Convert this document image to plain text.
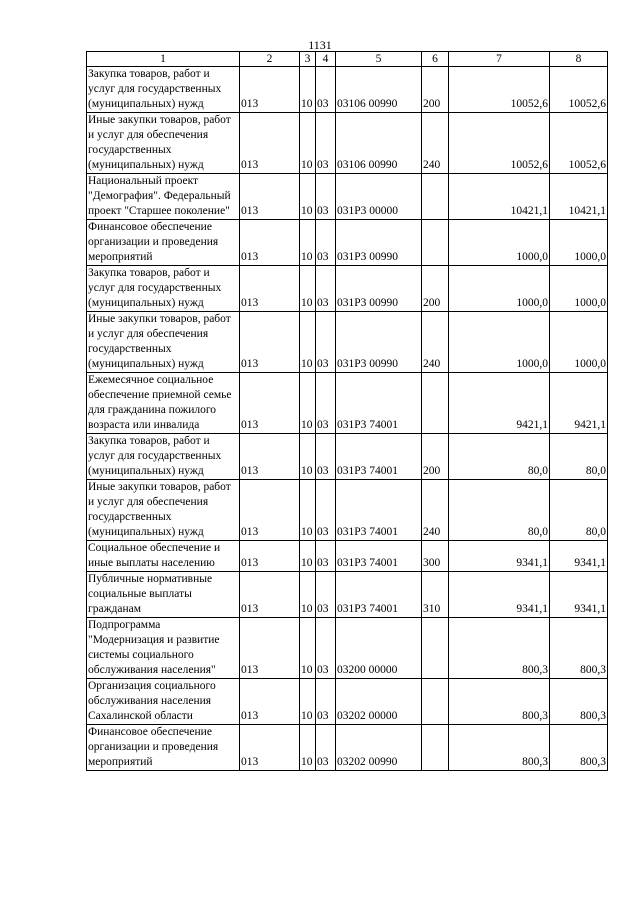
1131
1	2	3	4	5	6	7	8
Закупка товаров, работ и услуг для государственных (муниципальных) нужд	013	10	03	03106 00990	200	10052,6	10052,6
Иные закупки товаров, работ и услуг для обеспечения государственных (муниципальных) нужд	013	10	03	03106 00990	240	10052,6	10052,6
Национальный проект "Демография". Федеральный проект "Старшее поколение"	013	10	03	031P3 00000		10421,1	10421,1
Финансовое обеспечение организации и проведения мероприятий	013	10	03	031P3 00990		1000,0	1000,0
Закупка товаров, работ и услуг для государственных (муниципальных) нужд	013	10	03	031P3 00990	200	1000,0	1000,0
Иные закупки товаров, работ и услуг для обеспечения государственных (муниципальных) нужд	013	10	03	031P3 00990	240	1000,0	1000,0
Ежемесячное социальное обеспечение приемной семье для гражданина пожилого возраста или инвалида	013	10	03	031P3 74001		9421,1	9421,1
Закупка товаров, работ и услуг для государственных (муниципальных) нужд	013	10	03	031P3 74001	200	80,0	80,0
Иные закупки товаров, работ и услуг для обеспечения государственных (муниципальных) нужд	013	10	03	031P3 74001	240	80,0	80,0
Социальное обеспечение и иные выплаты населению	013	10	03	031P3 74001	300	9341,1	9341,1
Публичные нормативные социальные выплаты гражданам	013	10	03	031P3 74001	310	9341,1	9341,1
Подпрограмма "Модернизация и развитие системы социального обслуживания населения"	013	10	03	03200 00000		800,3	800,3
Организация социального обслуживания населения Сахалинской области	013	10	03	03202 00000		800,3	800,3
Финансовое обеспечение организации и проведения мероприятий	013	10	03	03202 00990		800,3	800,3
